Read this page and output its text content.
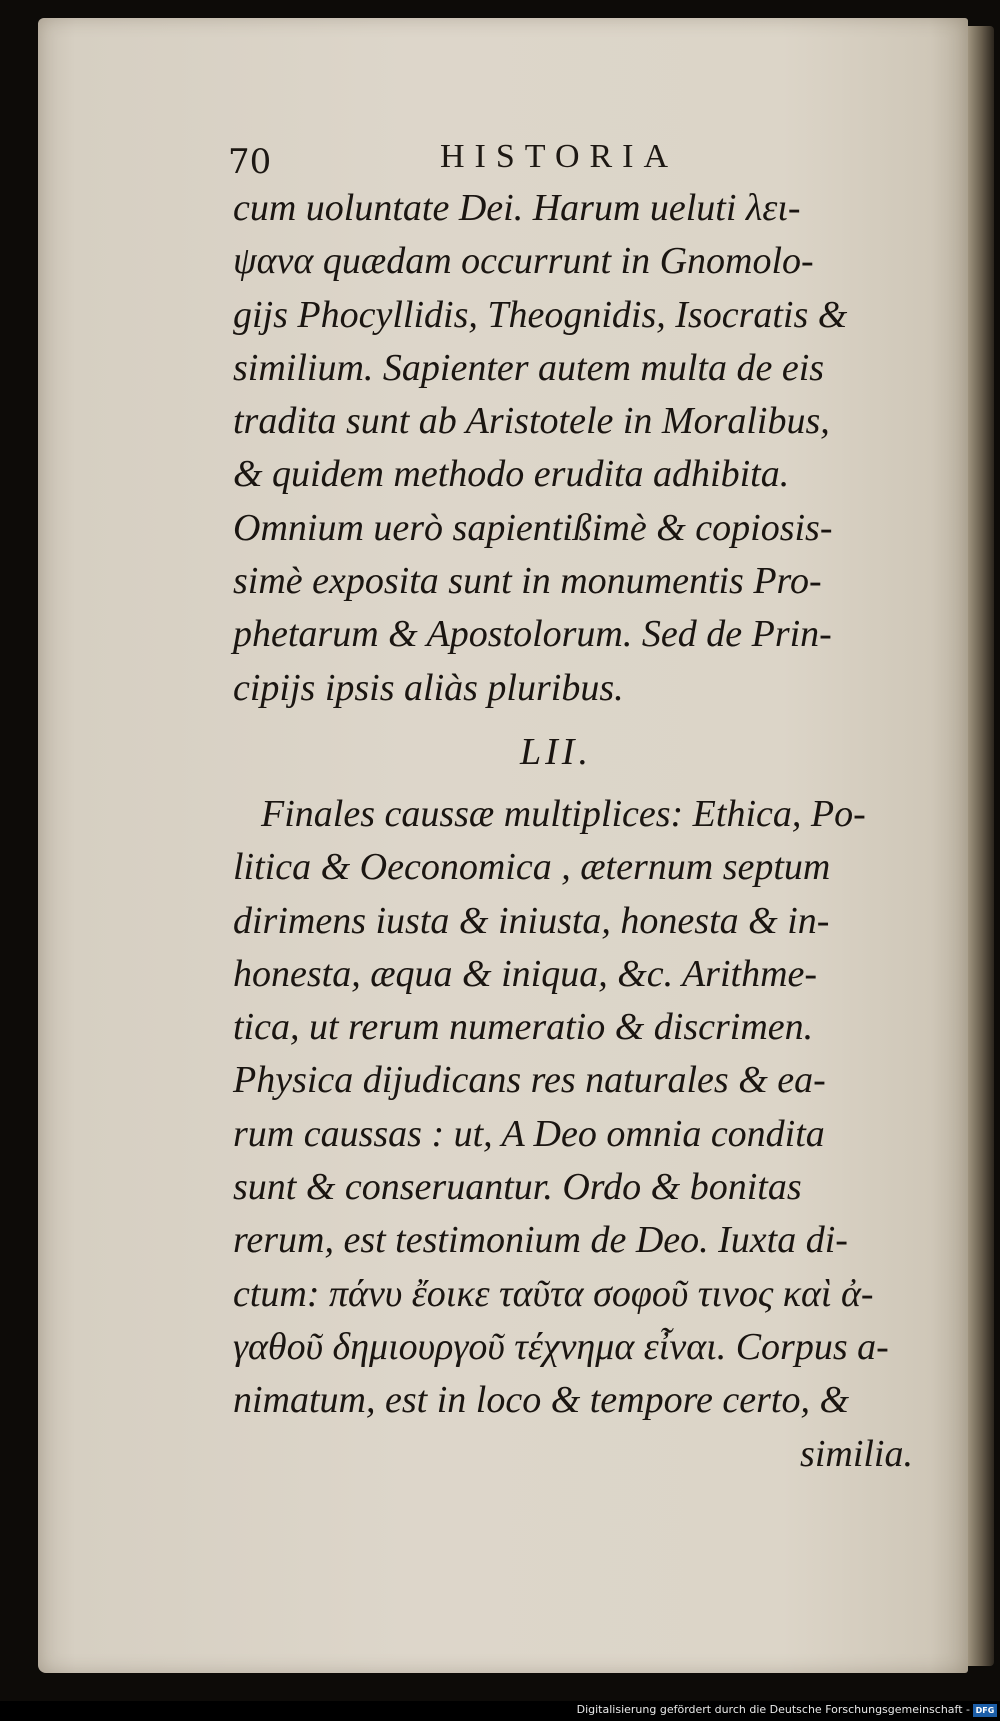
70	HISTORIA
cum uoluntate Dei. Harum ueluti λει-
ψανα quædam occurrunt in Gnomolo-
gijs Phocyllidis, Theognidis, Isocratis &
similium. Sapienter autem multa de eis
tradita sunt ab Aristotele in Moralibus,
& quidem methodo erudita adhibita.
Omnium uerò sapientißimè & copiosis-
simè exposita sunt in monumentis Pro-
phetarum & Apostolorum. Sed de Prin-
cipijs ipsis aliàs pluribus.
LII.
Finales caussæ multiplices: Ethica, Po-
litica & Oeconomica , æternum septum
dirimens iusta & iniusta, honesta & in-
honesta, æqua & iniqua, &c. Arithme-
tica, ut rerum numeratio & discrimen.
Physica dijudicans res naturales & ea-
rum caussas : ut, A Deo omnia condita
sunt & conseruantur. Ordo & bonitas
rerum, est testimonium de Deo. Iuxta di-
ctum: πάνυ ἔοικε ταῦτα σοφοῦ τινος καὶ ἀ-
γαθοῦ δημιουργοῦ τέχνημα εἶναι. Corpus a-
nimatum, est in loco & tempore certo, &
similia.
Digitalisierung gefördert durch die Deutsche Forschungsgemeinschaft - DFG
